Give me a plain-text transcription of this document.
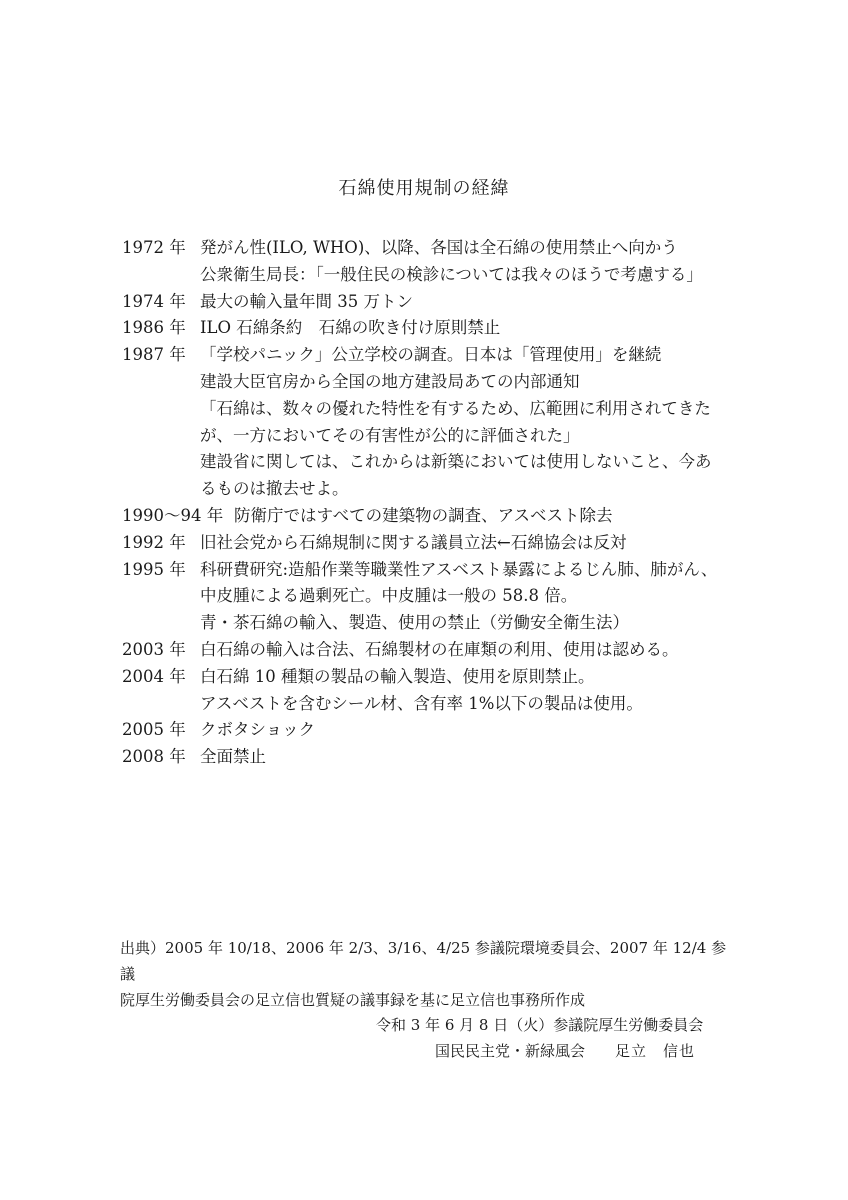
石綿使用規制の経緯
1972 年 発がん性(ILO, WHO)、以降、各国は全石綿の使用禁止へ向かう
公衆衛生局長：「一般住民の検診については我々のほうで考慮する」
1974 年 最大の輸入量年間 35 万トン
1986 年 ILO 石綿条約　石綿の吹き付け原則禁止
1987 年 「学校パニック」公立学校の調査。日本は「管理使用」を継続
建設大臣官房から全国の地方建設局あての内部通知
「石綿は、数々の優れた特性を有するため、広範囲に利用されてきた
が、一方においてその有害性が公的に評価された」
建設省に関しては、これからは新築においては使用しないこと、今あ
るものは撤去せよ。
1990～94 年 防衛庁ではすべての建築物の調査、アスベスト除去
1992 年 旧社会党から石綿規制に関する議員立法←石綿協会は反対
1995 年 科研費研究:造船作業等職業性アスベスト暴露によるじん肺、肺がん、
中皮腫による過剰死亡。中皮腫は一般の 58.8 倍。
青・茶石綿の輸入、製造、使用の禁止（労働安全衛生法）
2003 年 白石綿の輸入は合法、石綿製材の在庫類の利用、使用は認める。
2004 年 白石綿 10 種類の製品の輸入製造、使用を原則禁止。
アスベストを含むシール材、含有率 1%以下の製品は使用。
2005 年 クボタショック
2008 年 全面禁止
出典）2005 年 10/18、2006 年 2/3、3/16、4/25 参議院環境委員会、2007 年 12/4 参議
院厚生労働委員会の足立信也質疑の議事録を基に足立信也事務所作成
令和 3 年 6 月 8 日（火）参議院厚生労働委員会
国民民主党・新緑風会 足立　信也
